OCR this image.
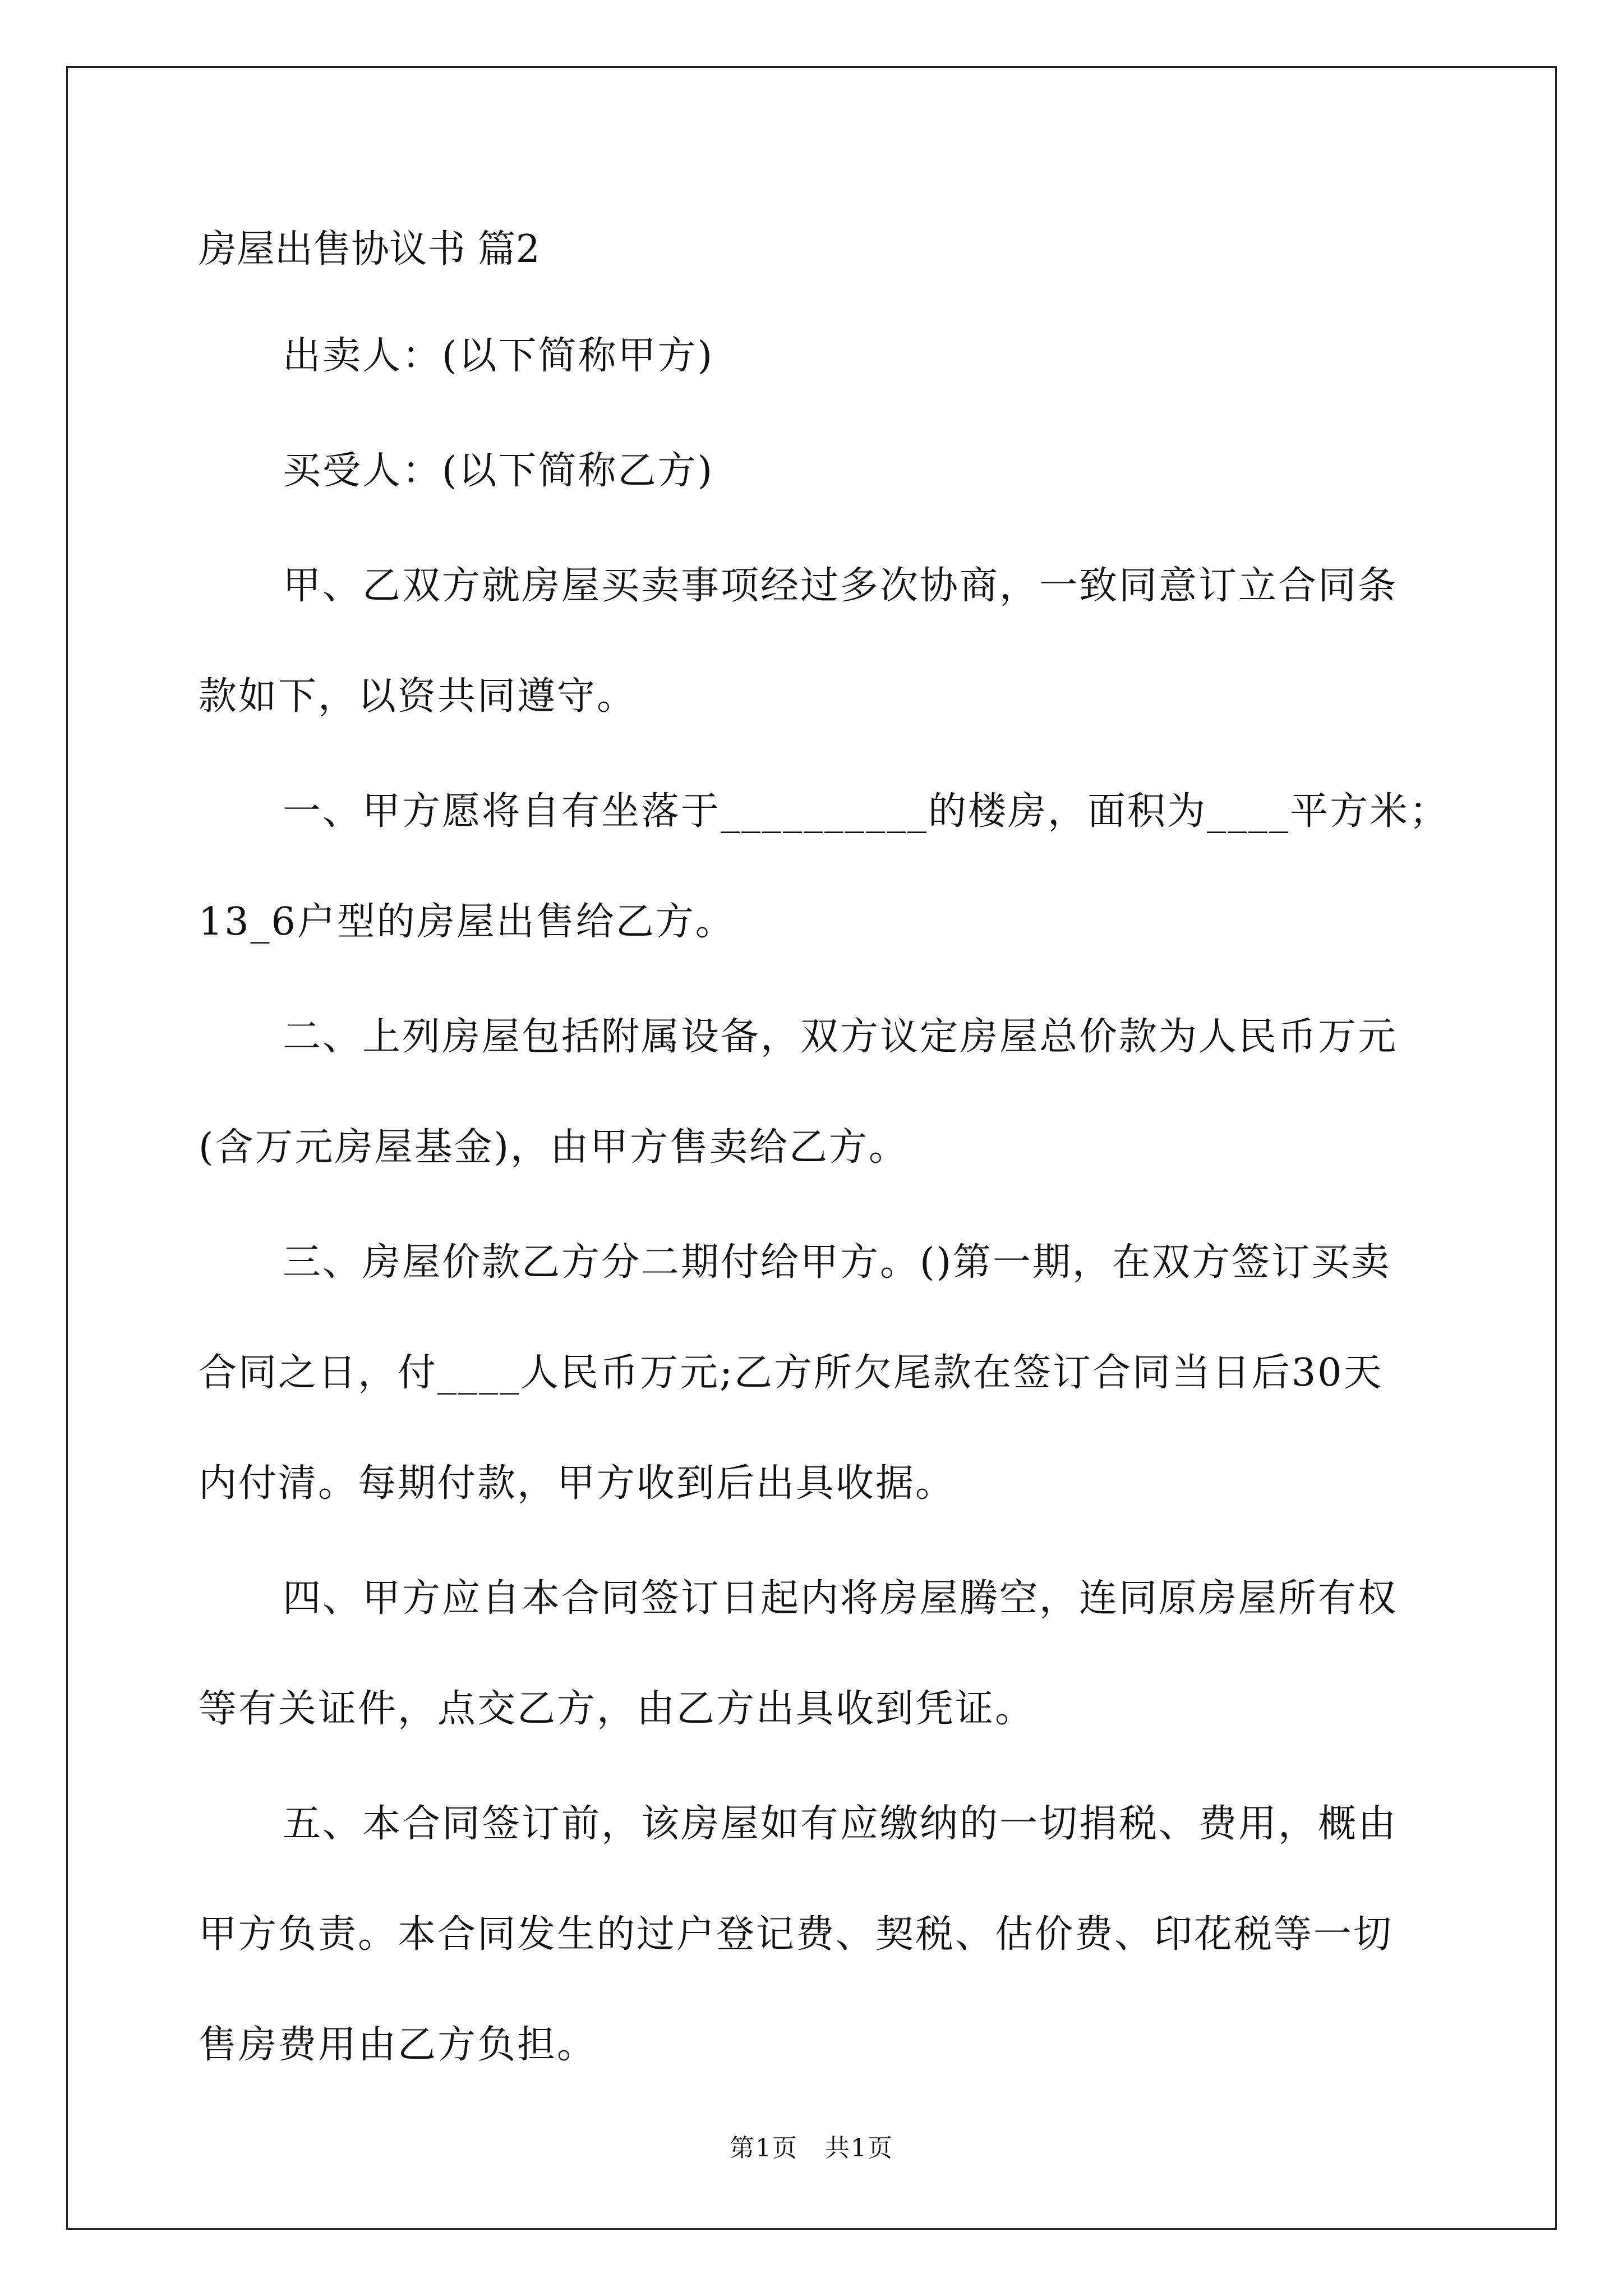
房屋出售协议书 篇2
出卖人：(以下简称甲方)
买受人：(以下简称乙方)
甲、乙双方就房屋买卖事项经过多次协商，一致同意订立合同条
款如下，以资共同遵守。
一、甲方愿将自有坐落于__________的楼房，面积为____平方米；
13_6户型的房屋出售给乙方。
二、上列房屋包括附属设备，双方议定房屋总价款为人民币万元
(含万元房屋基金)，由甲方售卖给乙方。
三、房屋价款乙方分二期付给甲方。()第一期，在双方签订买卖
合同之日，付____人民币万元;乙方所欠尾款在签订合同当日后30天
内付清。每期付款，甲方收到后出具收据。
四、甲方应自本合同签订日起内将房屋腾空，连同原房屋所有权
等有关证件，点交乙方，由乙方出具收到凭证。
五、本合同签订前，该房屋如有应缴纳的一切捐税、费用，概由
甲方负责。本合同发生的过户登记费、契税、估价费、印花税等一切
售房费用由乙方负担。
第1页   共1页
